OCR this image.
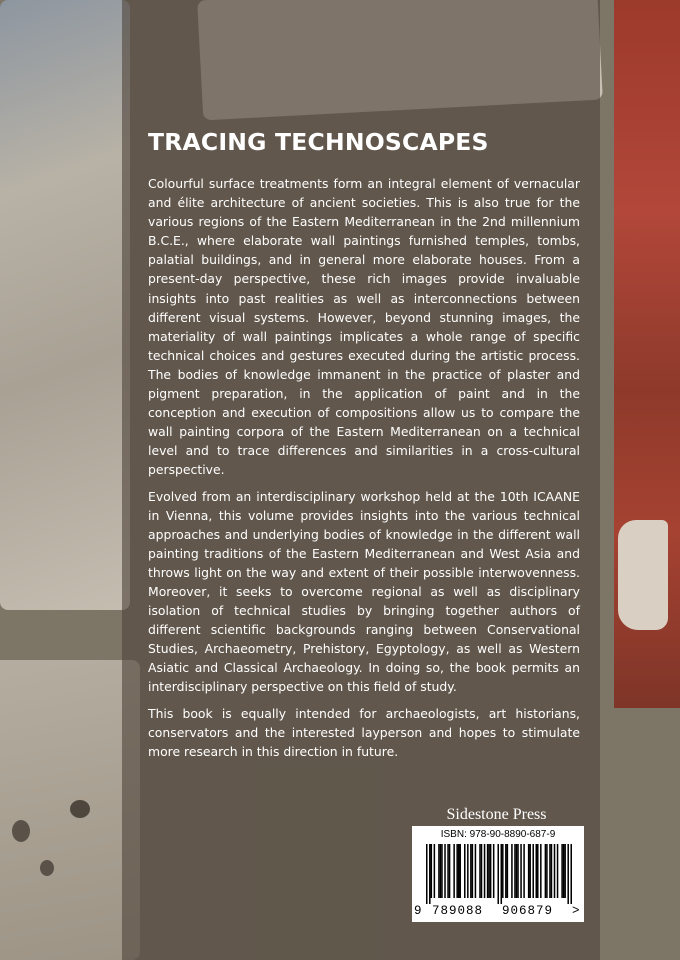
TRACING TECHNOSCAPES

Colourful surface treatments form an integral element of vernacular and élite architecture of ancient societies. This is also true for the various regions of the Eastern Mediterranean in the 2nd millennium B.C.E., where elaborate wall paintings furnished temples, tombs, palatial buildings, and in general more elaborate houses. From a present-day perspective, these rich images provide invaluable insights into past realities as well as interconnections between different visual systems. However, beyond stunning images, the materiality of wall paintings implicates a whole range of specific technical choices and gestures executed during the artistic process. The bodies of knowledge immanent in the practice of plaster and pigment preparation, in the application of paint and in the conception and execution of compositions allow us to compare the wall painting corpora of the Eastern Mediterranean on a technical level and to trace differences and similarities in a cross-cultural perspective.

Evolved from an interdisciplinary workshop held at the 10th ICAANE in Vienna, this volume provides insights into the various technical approaches and underlying bodies of knowledge in the different wall painting traditions of the Eastern Mediterranean and West Asia and throws light on the way and extent of their possible interwovenness. Moreover, it seeks to overcome regional as well as disciplinary isolation of technical studies by bringing together authors of different scientific backgrounds ranging between Conservational Studies, Archaeometry, Prehistory, Egyptology, as well as Western Asiatic and Classical Archaeology. In doing so, the book permits an interdisciplinary perspective on this field of study.

This book is equally intended for archaeologists, art historians, conservators and the interested layperson and hopes to stimulate more research in this direction in future.

Sidestone Press
ISBN: 978-90-8890-687-9
9 789088 906879 >
